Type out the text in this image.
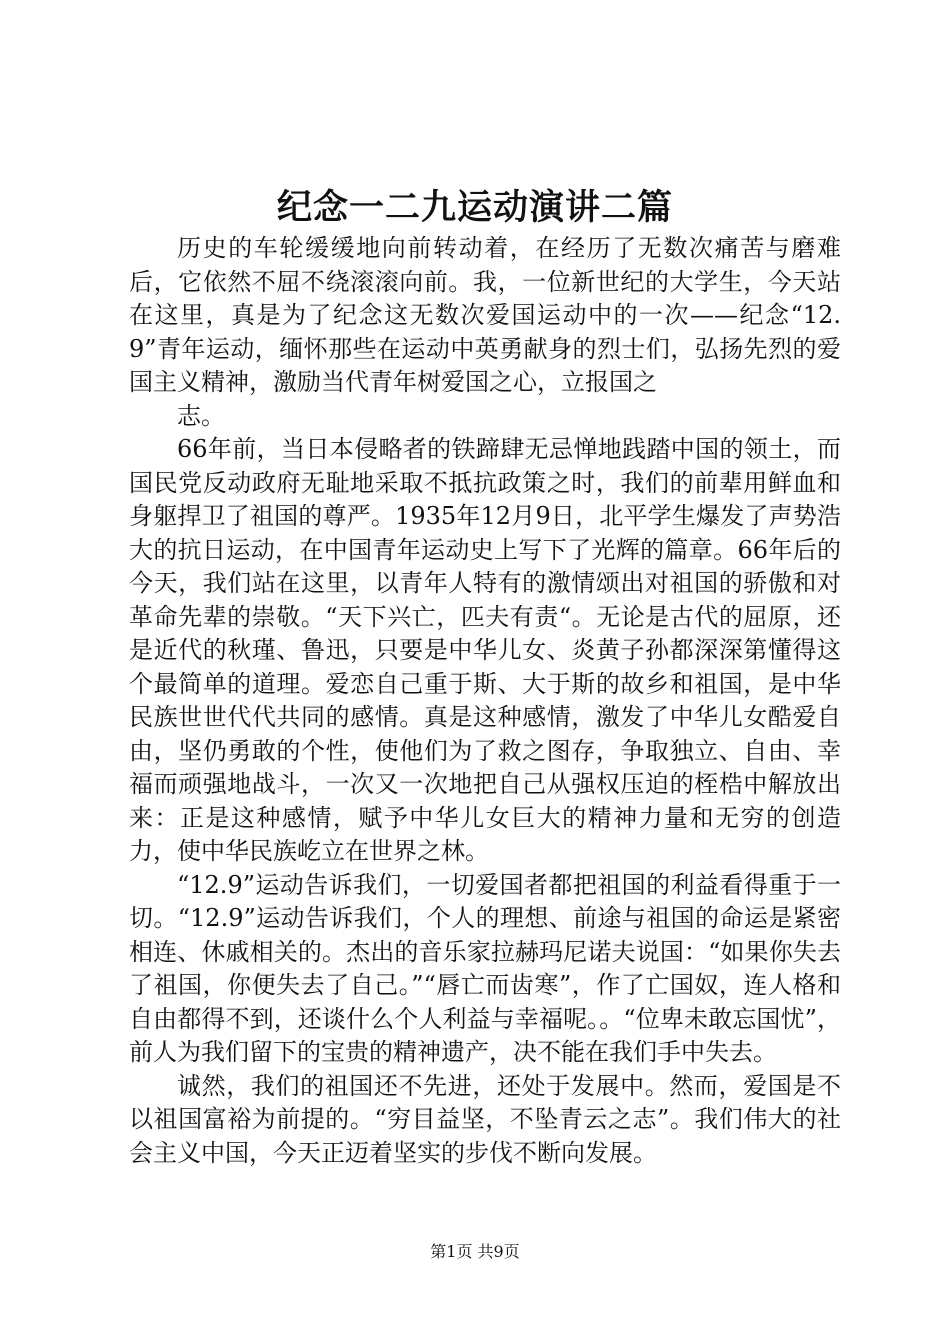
纪念一二九运动演讲二篇

历史的车轮缓缓地向前转动着，在经历了无数次痛苦与磨难后，它依然不屈不绕滚滚向前。我，一位新世纪的大学生，今天站在这里，真是为了纪念这无数次爱国运动中的一次——纪念“12.9”青年运动，缅怀那些在运动中英勇献身的烈士们，弘扬先烈的爱国主义精神，激励当代青年树爱国之心，立报国之

志。

66年前，当日本侵略者的铁蹄肆无忌惮地践踏中国的领土，而国民党反动政府无耻地采取不抵抗政策之时，我们的前辈用鲜血和身躯捍卫了祖国的尊严。1935年12月9日，北平学生爆发了声势浩大的抗日运动，在中国青年运动史上写下了光辉的篇章。66年后的今天，我们站在这里，以青年人特有的激情颂出对祖国的骄傲和对革命先辈的崇敬。“天下兴亡，匹夫有责“。无论是古代的屈原，还是近代的秋瑾、鲁迅，只要是中华儿女、炎黄子孙都深深第懂得这个最简单的道理。爱恋自己重于斯、大于斯的故乡和祖国，是中华民族世世代代共同的感情。真是这种感情，激发了中华儿女酷爱自由，坚仍勇敢的个性，使他们为了救之图存，争取独立、自由、幸福而顽强地战斗，一次又一次地把自己从强权压迫的桎梏中解放出来：正是这种感情，赋予中华儿女巨大的精神力量和无穷的创造力，使中华民族屹立在世界之林。

“12.9”运动告诉我们，一切爱国者都把祖国的利益看得重于一切。“12.9”运动告诉我们，个人的理想、前途与祖国的命运是紧密相连、休戚相关的。杰出的音乐家拉赫玛尼诺夫说国：“如果你失去了祖国，你便失去了自己。”“唇亡而齿寒”，作了亡国奴，连人格和自由都得不到，还谈什么个人利益与幸福呢。。“位卑未敢忘国忧”，前人为我们留下的宝贵的精神遗产，决不能在我们手中失去。

诚然，我们的祖国还不先进，还处于发展中。然而，爱国是不以祖国富裕为前提的。“穷目益坚，不坠青云之志”。我们伟大的社会主义中国，今天正迈着坚实的步伐不断向发展。

第1页 共9页
